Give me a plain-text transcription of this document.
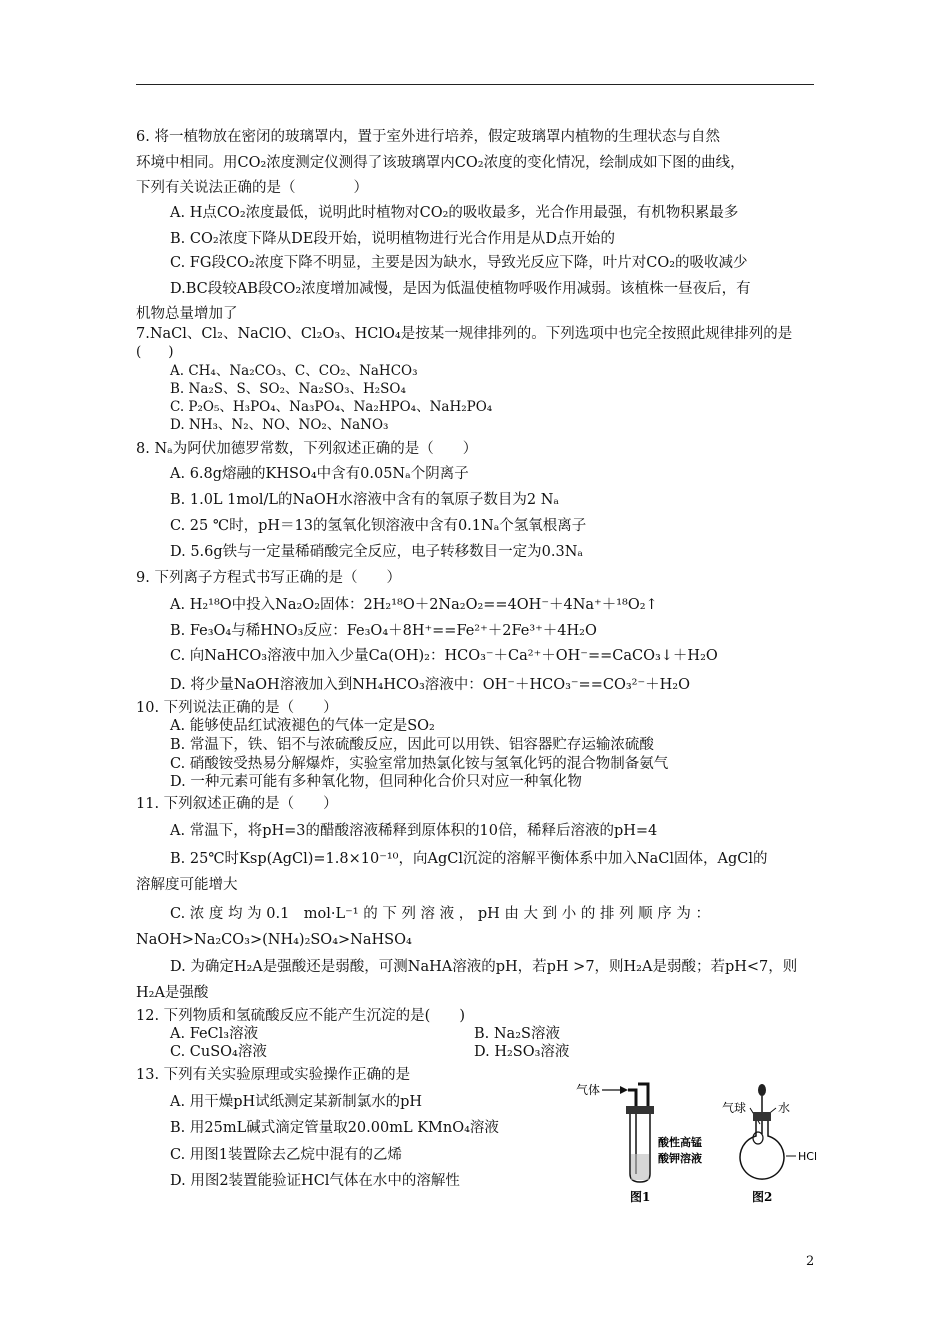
6. 将一植物放在密闭的玻璃罩内，置于室外进行培养，假定玻璃罩内植物的生理状态与自然
环境中相同。用CO₂浓度测定仪测得了该玻璃罩内CO₂浓度的变化情况，绘制成如下图的曲线，
下列有关说法正确的是（　　　　）
A. H点CO₂浓度最低，说明此时植物对CO₂的吸收最多，光合作用最强，有机物积累最多
B. CO₂浓度下降从DE段开始，说明植物进行光合作用是从D点开始的
C. FG段CO₂浓度下降不明显，主要是因为缺水，导致光反应下降，叶片对CO₂的吸收减少
D.BC段较AB段CO₂浓度增加减慢，是因为低温使植物呼吸作用减弱。该植株一昼夜后，有
机物总量增加了
7.NaCl、Cl₂、NaClO、Cl₂O₃、HClO₄是按某一规律排列的。下列选项中也完全按照此规律排列的是
(　　)
A. CH₄、Na₂CO₃、C、CO₂、NaHCO₃
B. Na₂S、S、SO₂、Na₂SO₃、H₂SO₄
C. P₂O₅、H₃PO₄、Na₃PO₄、Na₂HPO₄、NaH₂PO₄
D. NH₃、N₂、NO、NO₂、NaNO₃
8. Nₐ为阿伏加德罗常数，下列叙述正确的是（　　）
A. 6.8g熔融的KHSO₄中含有0.05Nₐ个阴离子
B. 1.0L 1mol/L的NaOH水溶液中含有的氧原子数目为2 Nₐ
C. 25 ℃时，pH＝13的氢氧化钡溶液中含有0.1Nₐ个氢氧根离子
D. 5.6g铁与一定量稀硝酸完全反应，电子转移数目一定为0.3Nₐ
9. 下列离子方程式书写正确的是（　　）
A. H₂¹⁸O中投入Na₂O₂固体：2H₂¹⁸O＋2Na₂O₂==4OH⁻＋4Na⁺＋¹⁸O₂↑
B. Fe₃O₄与稀HNO₃反应：Fe₃O₄＋8H⁺==Fe²⁺＋2Fe³⁺＋4H₂O
C. 向NaHCO₃溶液中加入少量Ca(OH)₂：HCO₃⁻＋Ca²⁺＋OH⁻==CaCO₃↓＋H₂O
D. 将少量NaOH溶液加入到NH₄HCO₃溶液中：OH⁻＋HCO₃⁻==CO₃²⁻＋H₂O
10. 下列说法正确的是（　　）
A. 能够使品红试液褪色的气体一定是SO₂
B. 常温下，铁、铝不与浓硫酸反应，因此可以用铁、铝容器贮存运输浓硫酸
C. 硝酸铵受热易分解爆炸，实验室常加热氯化铵与氢氧化钙的混合物制备氨气
D. 一种元素可能有多种氧化物，但同种化合价只对应一种氧化物
11. 下列叙述正确的是（　　）
A. 常温下，将pH=3的醋酸溶液稀释到原体积的10倍，稀释后溶液的pH=4
B. 25℃时Ksp(AgCl)=1.8×10⁻¹⁰，向AgCl沉淀的溶解平衡体系中加入NaCl固体，AgCl的
溶解度可能增大
C. 浓 度 均 为 0.1　mol·L⁻¹ 的 下 列 溶 液 ， pH 由 大 到 小 的 排 列 顺 序 为 ：
NaOH>Na₂CO₃>(NH₄)₂SO₄>NaHSO₄
D. 为确定H₂A是强酸还是弱酸，可测NaHA溶液的pH，若pH >7，则H₂A是弱酸；若pH<7，则
H₂A是强酸
12. 下列物质和氢硫酸反应不能产生沉淀的是(　　)
A. FeCl₃溶液	B. Na₂S溶液
C. CuSO₄溶液	D. H₂SO₃溶液
13. 下列有关实验原理或实验操作正确的是
A. 用干燥pH试纸测定某新制氯水的pH
B. 用25mL碱式滴定管量取20.00mL KMnO₄溶液
C. 用图1装置除去乙烷中混有的乙烯
D. 用图2装置能验证HCl气体在水中的溶解性
气体
酸性高锰
酸钾溶液
图1
气球	水
HCl
图2
2
